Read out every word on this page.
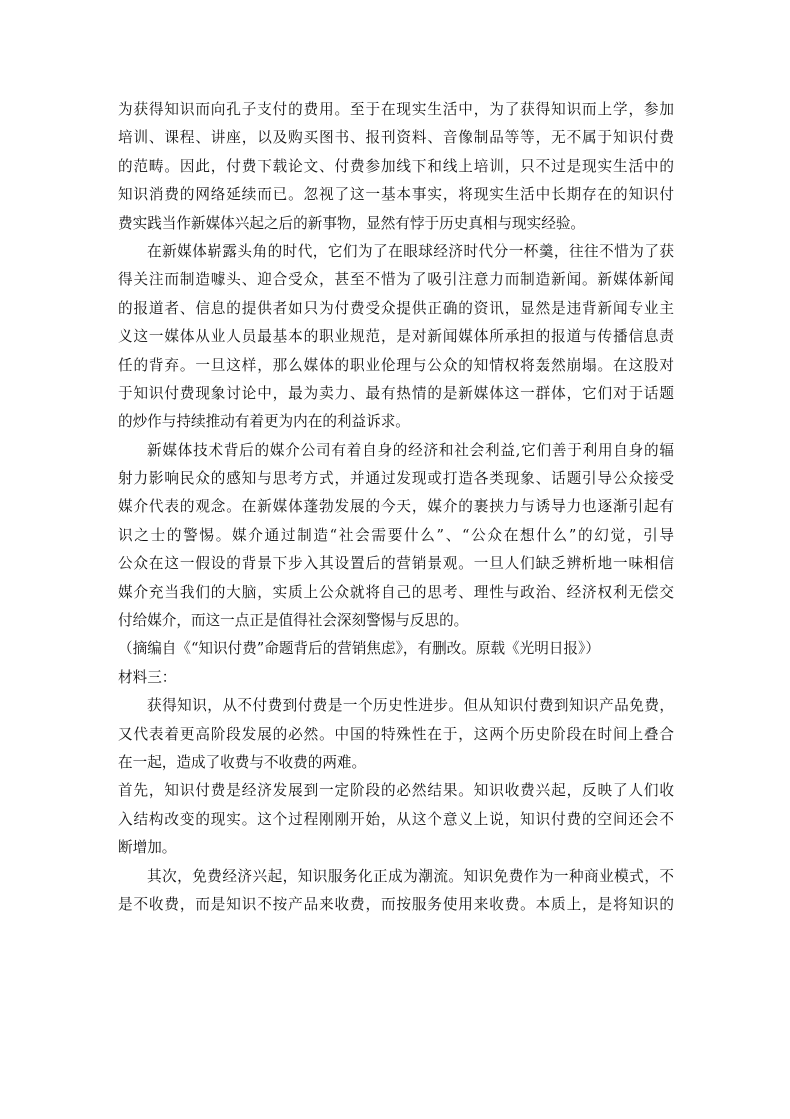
为获得知识而向孔子支付的费用。至于在现实生活中，为了获得知识而上学，参加
培训、课程、讲座，以及购买图书、报刊资料、音像制品等等，无不属于知识付费
的范畴。因此，付费下载论文、付费参加线下和线上培训，只不过是现实生活中的
知识消费的网络延续而已。忽视了这一基本事实，将现实生活中长期存在的知识付
费实践当作新媒体兴起之后的新事物，显然有悖于历史真相与现实经验。
在新媒体崭露头角的时代，它们为了在眼球经济时代分一杯羹，往往不惜为了获
得关注而制造噱头、迎合受众，甚至不惜为了吸引注意力而制造新闻。新媒体新闻
的报道者、信息的提供者如只为付费受众提供正确的资讯，显然是违背新闻专业主
义这一媒体从业人员最基本的职业规范，是对新闻媒体所承担的报道与传播信息责
任的背弃。一旦这样，那么媒体的职业伦理与公众的知情权将轰然崩塌。在这股对
于知识付费现象讨论中，最为卖力、最有热情的是新媒体这一群体，它们对于话题
的炒作与持续推动有着更为内在的利益诉求。
新媒体技术背后的媒介公司有着自身的经济和社会利益,它们善于利用自身的辐
射力影响民众的感知与思考方式，并通过发现或打造各类现象、话题引导公众接受
媒介代表的观念。在新媒体蓬勃发展的今天，媒介的裹挟力与诱导力也逐渐引起有
识之士的警惕。媒介通过制造“社会需要什么”、“公众在想什么”的幻觉，引导
公众在这一假设的背景下步入其设置后的营销景观。一旦人们缺乏辨析地一味相信
媒介充当我们的大脑，实质上公众就将自己的思考、理性与政治、经济权利无偿交
付给媒介，而这一点正是值得社会深刻警惕与反思的。
（摘编自《“知识付费”命题背后的营销焦虑》，有删改。原载《光明日报》）
材料三：
获得知识，从不付费到付费是一个历史性进步。但从知识付费到知识产品免费，
又代表着更高阶段发展的必然。中国的特殊性在于，这两个历史阶段在时间上叠合
在一起，造成了收费与不收费的两难。
首先，知识付费是经济发展到一定阶段的必然结果。知识收费兴起，反映了人们收
入结构改变的现实。这个过程刚刚开始，从这个意义上说，知识付费的空间还会不
断增加。
其次，免费经济兴起，知识服务化正成为潮流。知识免费作为一种商业模式，不
是不收费，而是知识不按产品来收费，而按服务使用来收费。本质上，是将知识的
